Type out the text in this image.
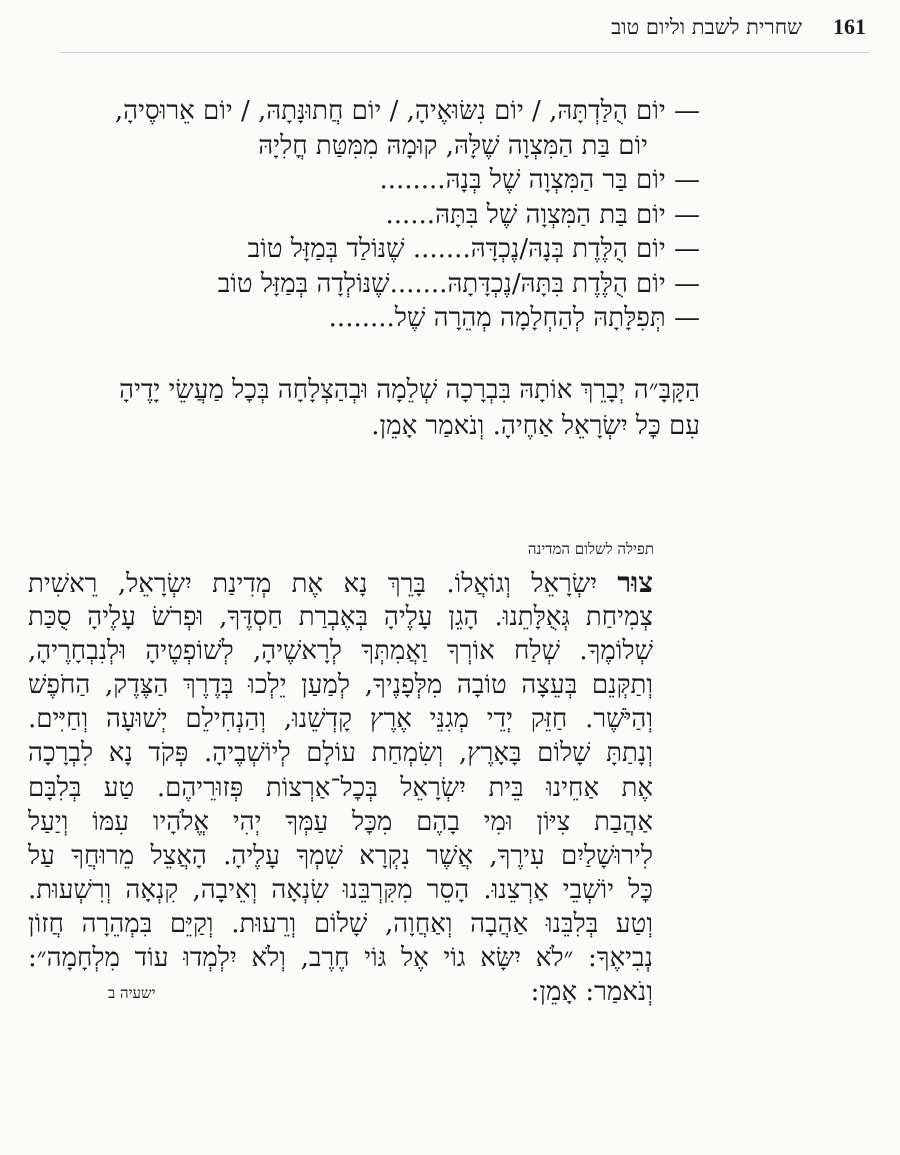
161
שחרית לשבת וליום טוב
— יוֹם הֻלַּדְתָּהּ, / יוֹם נִשּׂוּאֶיהָ, / יוֹם חֲתוּנָּתָהּ, / יוֹם אֵרוּסֶיהָ,
יוֹם בַּת הַמִּצְוָה שֶׁלָּהּ, קוּמָהּ מִמִּטַּת חֳלִיָהּ
— יוֹם בַּר הַמִּצְוָה שֶׁל בְּנָהּ........
— יוֹם בַּת הַמִּצְוָה שֶׁל בִּתָּהּ......
— יוֹם הֻלֶּדֶת בְּנָהּ/נֶכְדָּהּ....... שֶׁנּוֹלַד בְּמַזָּל טוֹב
— יוֹם הֻלֶּדֶת בִּתָּהּ/נֶכְדָּתָהּ.......שֶׁנּוֹלְדָה בְּמַזָּל טוֹב
— תְּפִלָּתָהּ לְהַחְלָמָה מְהֵרָה שֶׁל........
הַקָּבָּ״ה יְבָרֵךְ אוֹתָהּ בִּבְרָכָה שְׁלֵמָה וּבְהַצְלָחָה בְּכׇל מַעֲשֵׂי יָדֶיהָ
עִם כׇּל יִשְׂרָאֵל אַחֶיהָ. וְנֹאמַר אָמֵן.
תפילה לשלום המדינה
צוּר יִשְׂרָאֵל וְגוֹאֲלוֹ. בָּרֵךְ נָא אֶת מְדִינַת יִשְׂרָאֵל, רֵאשִׁית
צְמִיחַת גְּאֻלָּתֵנוּ. הָגֵן עָלֶיהָ בְּאֶבְרַת חַסְדֶּךָ, וּפְרֹשׂ עָלֶיהָ סֻכַּת
שְׁלוֹמֶךָ. שְׁלַח אוֹרְךָ וַאֲמִתְּךָ לְרָאשֶׁיהָ, לְשׁוֹפְטֶיהָ וּלְנִבְחָרֶיהָ,
וְתַקְּנֵם בְּעֵצָה טוֹבָה מִלְּפָנֶיךָ, לְמַעַן יֵלְכוּ בְּדֶרֶךְ הַצֶּדֶק, הַחֹפֶשׁ
וְהַיֹּשֶׁר. חַזֵּק יְדֵי מְגִנֵּי אֶרֶץ קָדְשֵׁנוּ, וְהַנְחִילֵם יְשׁוּעָה וְחַיִּים.
וְנָתַתָּ שָׁלוֹם בָּאָרֶץ, וְשִׂמְחַת עוֹלָם לְיוֹשְׁבֶיהָ. פְּקֹד נָא לִבְרָכָה
אֶת אַחֵינוּ בֵּית יִשְׂרָאֵל בְּכׇל־אַרְצוֹת פְּזוּרֵיהֶם. טַע בְּלִבָּם
אַהֲבַת צִיּוֹן וּמִי בָהֶם מִכׇּל עַמְּךָ יְהִי אֱלֹהָיו עִמּוֹ וְיַעַל
לִירוּשָׁלַיִם עִירֶךָ, אֲשֶׁר נִקְרָא שִׁמְךָ עָלֶיהָ. הָאֲצֵל מֵרוּחֲךָ עַל
כׇּל יוֹשְׁבֵי אַרְצֵנוּ. הָסֵר מִקִּרְבֵּנוּ שִׂנְאָה וְאֵיבָה, קִנְאָה וְרִשְׁעוּת.
וְטַע בְּלִבֵּנוּ אַהֲבָה וְאַחֲוָה, שָׁלוֹם וְרֵעוּת. וְקַיֵּם בִּמְהֵרָה חֲזוֹן
נְבִיאֶךָ: ״לֹא יִשָּׂא גוֹי אֶל גּוֹי חֶרֶב, וְלֹא יִלְמְדוּ עוֹד מִלְחָמָה״:
וְנֹאמַר: אָמֵן:
ישעיה ב
